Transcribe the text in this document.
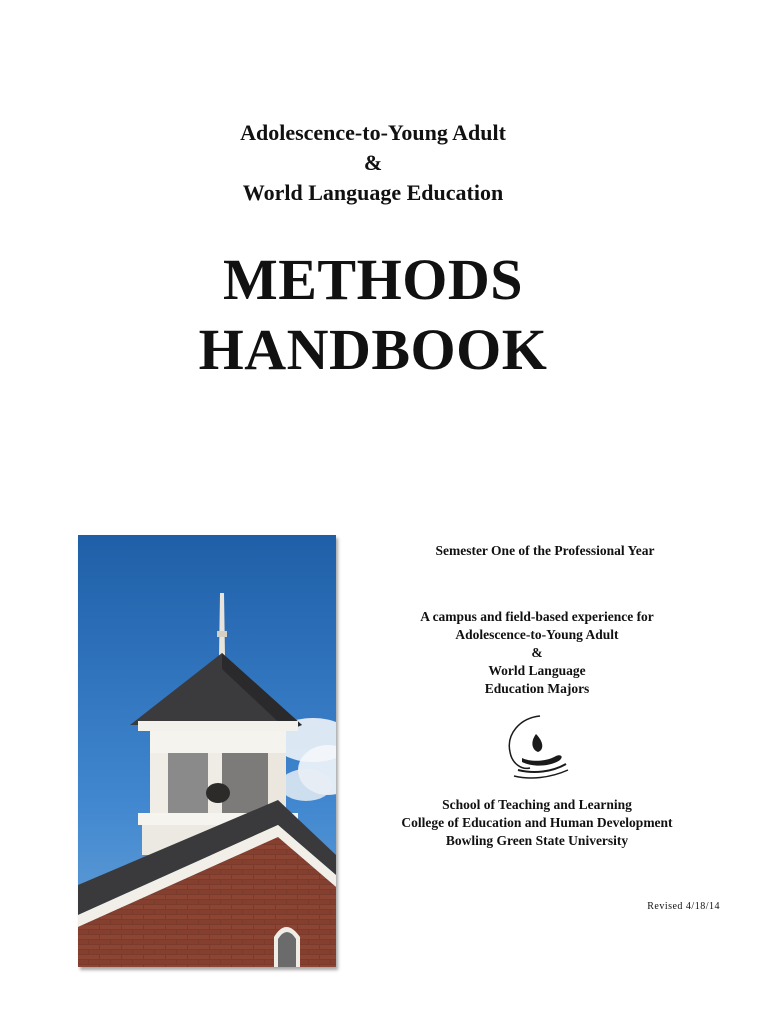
Adolescence-to-Young Adult
&
World Language Education
METHODS
HANDBOOK
Semester One of the Professional Year
A campus and field-based experience for
Adolescence-to-Young Adult
&
World Language
Education Majors
School of Teaching and Learning
College of Education and Human Development
Bowling Green State University
Revised 4/18/14
